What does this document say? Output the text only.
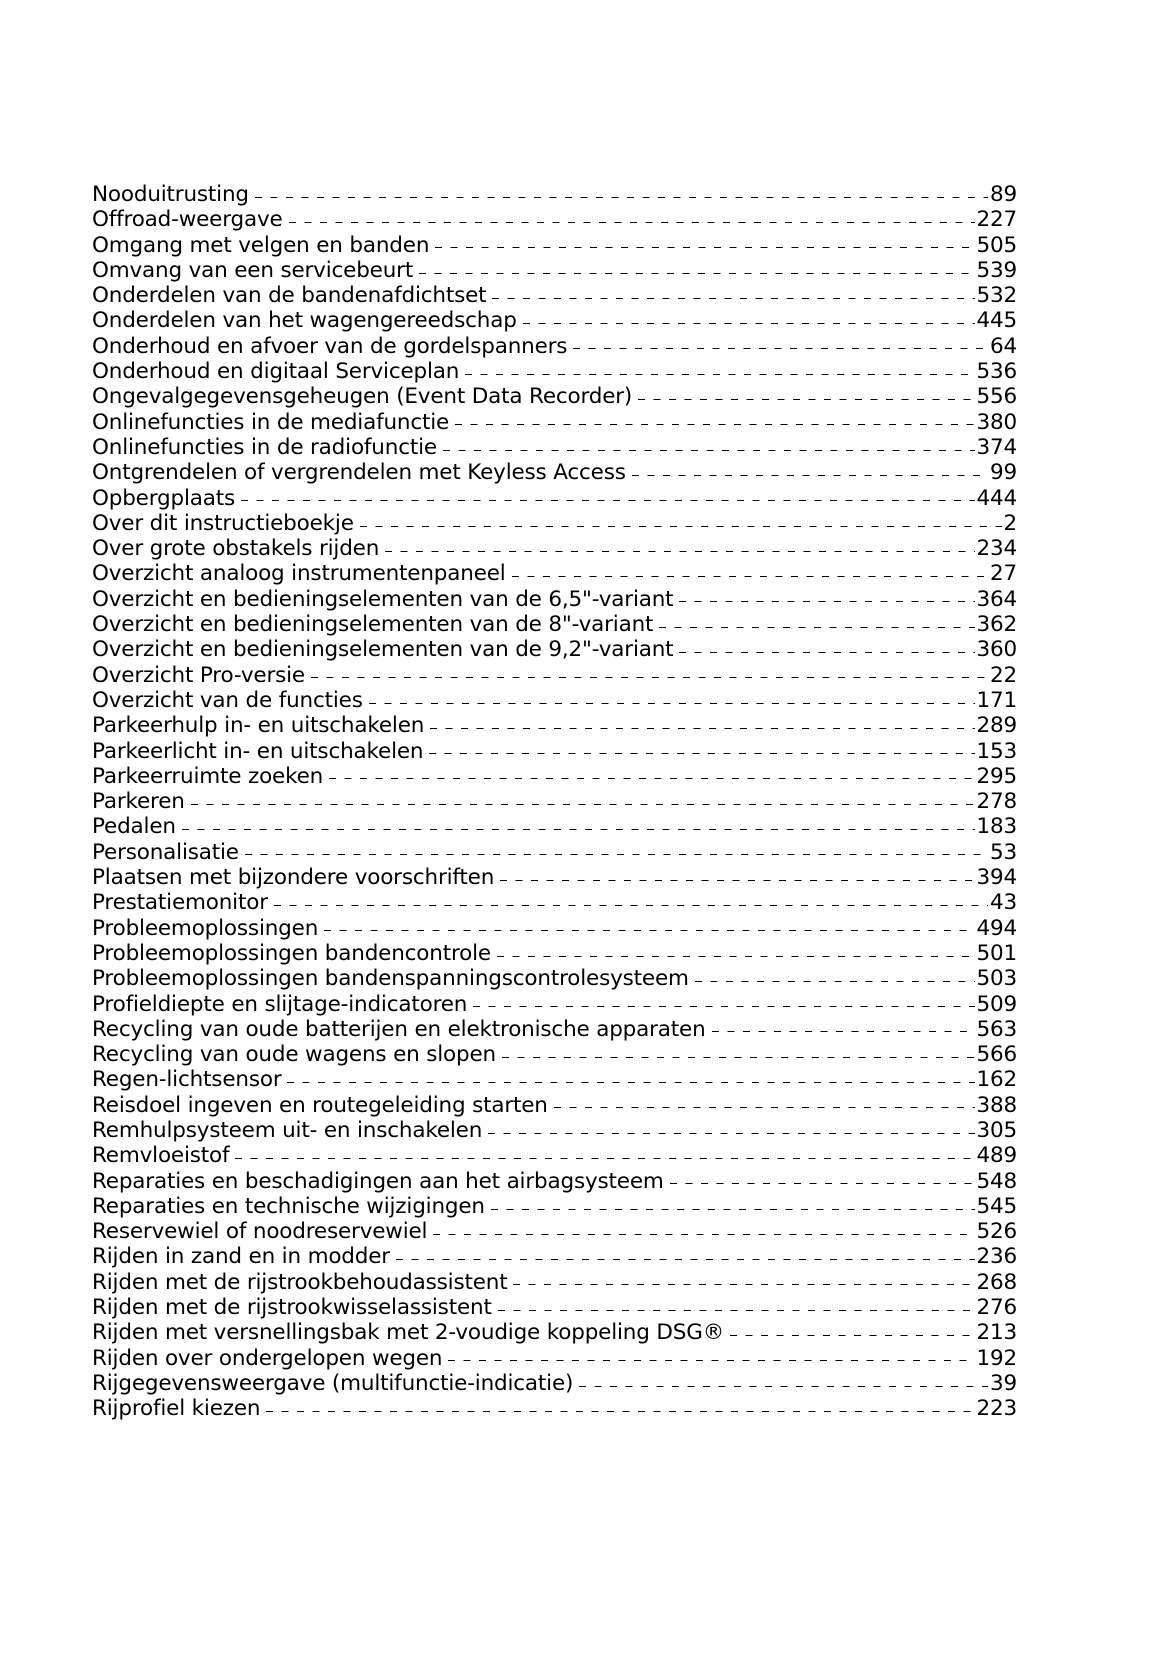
Nooduitrusting	89
Offroad-weergave	227
Omgang met velgen en banden	505
Omvang van een servicebeurt	539
Onderdelen van de bandenafdichtset	532
Onderdelen van het wagengereedschap	445
Onderhoud en afvoer van de gordelspanners	64
Onderhoud en digitaal Serviceplan	536
Ongevalgegevensgeheugen (Event Data Recorder)	556
Onlinefuncties in de mediafunctie	380
Onlinefuncties in de radiofunctie	374
Ontgrendelen of vergrendelen met Keyless Access	99
Opbergplaats	444
Over dit instructieboekje	2
Over grote obstakels rijden	234
Overzicht analoog instrumentenpaneel	27
Overzicht en bedieningselementen van de 6,5"-variant	364
Overzicht en bedieningselementen van de 8"-variant	362
Overzicht en bedieningselementen van de 9,2"-variant	360
Overzicht Pro-versie	22
Overzicht van de functies	171
Parkeerhulp in- en uitschakelen	289
Parkeerlicht in- en uitschakelen	153
Parkeerruimte zoeken	295
Parkeren	278
Pedalen	183
Personalisatie	53
Plaatsen met bijzondere voorschriften	394
Prestatiemonitor	43
Probleemoplossingen	494
Probleemoplossingen bandencontrole	501
Probleemoplossingen bandenspanningscontrolesysteem	503
Profieldiepte en slijtage-indicatoren	509
Recycling van oude batterijen en elektronische apparaten	563
Recycling van oude wagens en slopen	566
Regen-lichtsensor	162
Reisdoel ingeven en routegeleiding starten	388
Remhulpsysteem uit- en inschakelen	305
Remvloeistof	489
Reparaties en beschadigingen aan het airbagsysteem	548
Reparaties en technische wijzigingen	545
Reservewiel of noodreservewiel	526
Rijden in zand en in modder	236
Rijden met de rijstrookbehoudassistent	268
Rijden met de rijstrookwisselassistent	276
Rijden met versnellingsbak met 2-voudige koppeling DSG®	213
Rijden over ondergelopen wegen	192
Rijgegevensweergave (multifunctie-indicatie)	39
Rijprofiel kiezen	223
